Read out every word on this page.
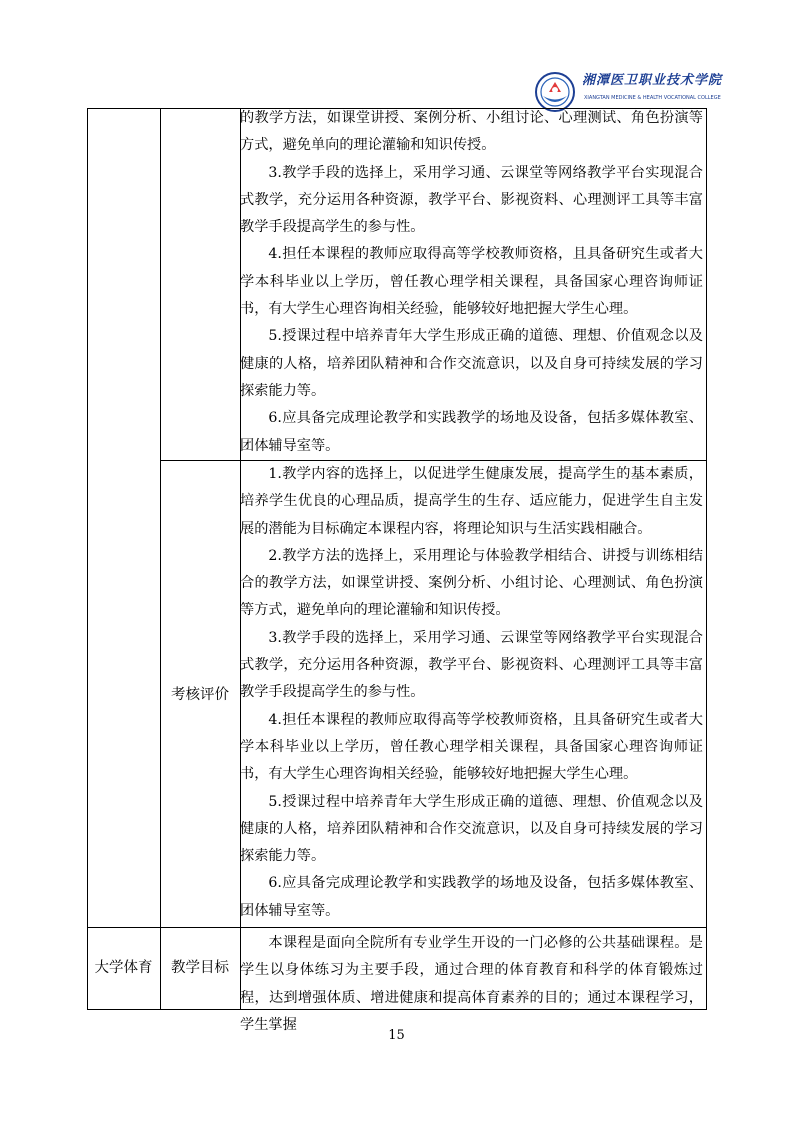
湘潭医卫职业技术学院
XIANGTAN MEDICINE & HEALTH VOCATIONAL COLLEGE

的教学方法，如课堂讲授、案例分析、小组讨论、心理测试、角色扮演等方式，避免单向的理论灌输和知识传授。

3.教学手段的选择上，采用学习通、云课堂等网络教学平台实现混合式教学，充分运用各种资源，教学平台、影视资料、心理测评工具等丰富教学手段提高学生的参与性。

4.担任本课程的教师应取得高等学校教师资格，且具备研究生或者大学本科毕业以上学历，曾任教心理学相关课程，具备国家心理咨询师证书，有大学生心理咨询相关经验，能够较好地把握大学生心理。

5.授课过程中培养青年大学生形成正确的道德、理想、价值观念以及健康的人格，培养团队精神和合作交流意识，以及自身可持续发展的学习探索能力等。

6.应具备完成理论教学和实践教学的场地及设备，包括多媒体教室、团体辅导室等。

考核评价

1.教学内容的选择上，以促进学生健康发展，提高学生的基本素质，培养学生优良的心理品质，提高学生的生存、适应能力，促进学生自主发展的潜能为目标确定本课程内容，将理论知识与生活实践相融合。

2.教学方法的选择上，采用理论与体验教学相结合、讲授与训练相结合的教学方法，如课堂讲授、案例分析、小组讨论、心理测试、角色扮演等方式，避免单向的理论灌输和知识传授。

3.教学手段的选择上，采用学习通、云课堂等网络教学平台实现混合式教学，充分运用各种资源，教学平台、影视资料、心理测评工具等丰富教学手段提高学生的参与性。

4.担任本课程的教师应取得高等学校教师资格，且具备研究生或者大学本科毕业以上学历，曾任教心理学相关课程，具备国家心理咨询师证书，有大学生心理咨询相关经验，能够较好地把握大学生心理。

5.授课过程中培养青年大学生形成正确的道德、理想、价值观念以及健康的人格，培养团队精神和合作交流意识，以及自身可持续发展的学习探索能力等。

6.应具备完成理论教学和实践教学的场地及设备，包括多媒体教室、团体辅导室等。

大学体育	教学目标

本课程是面向全院所有专业学生开设的一门必修的公共基础课程。是学生以身体练习为主要手段，通过合理的体育教育和科学的体育锻炼过程，达到增强体质、增进健康和提高体育素养的目的；通过本课程学习，学生掌握

15
